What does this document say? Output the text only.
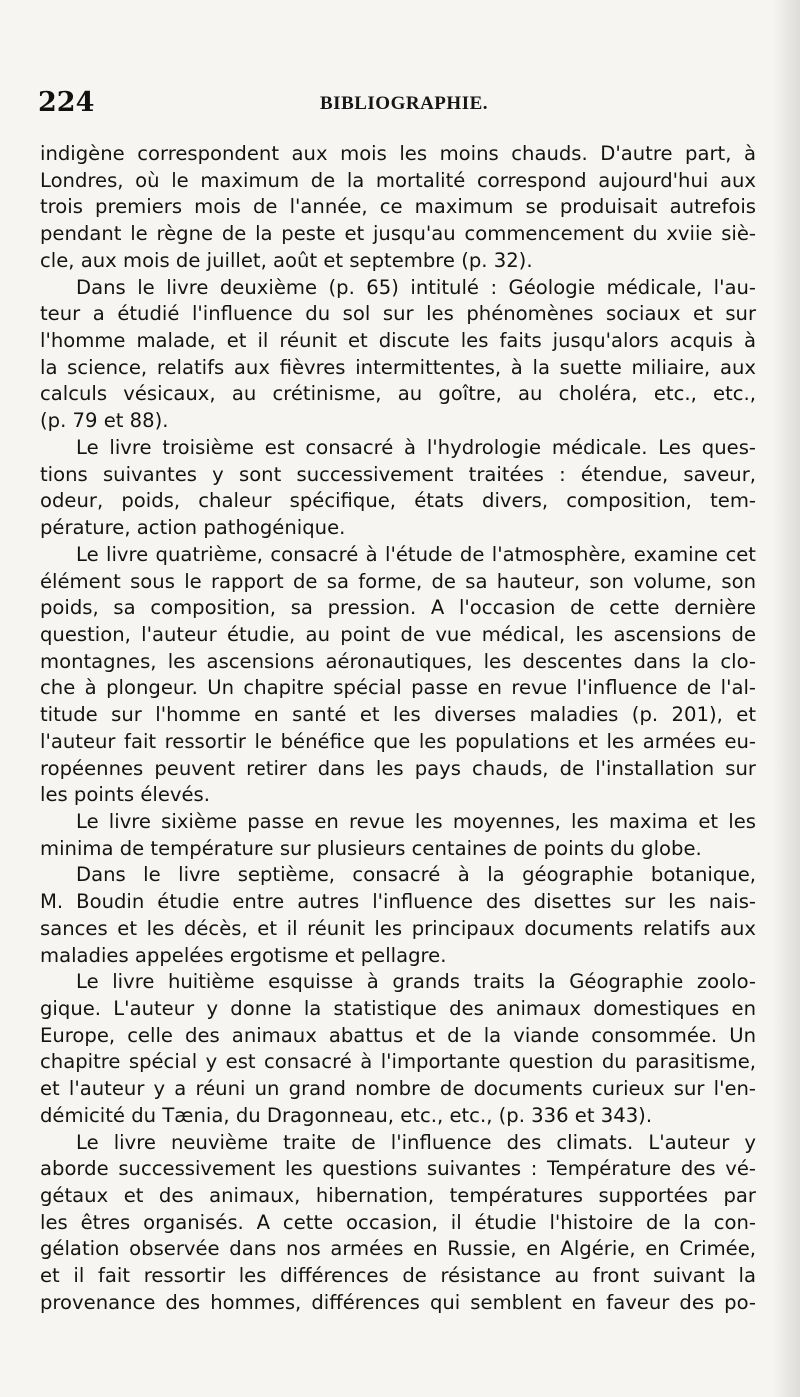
224	BIBLIOGRAPHIE.
indigène correspondent aux mois les moins chauds. D'autre part, à
Londres, où le maximum de la mortalité correspond aujourd'hui aux
trois premiers mois de l'année, ce maximum se produisait autrefois
pendant le règne de la peste et jusqu'au commencement du xviie siè-
cle, aux mois de juillet, août et septembre (p. 32).
Dans le livre deuxième (p. 65) intitulé : Géologie médicale, l'au-
teur a étudié l'influence du sol sur les phénomènes sociaux et sur
l'homme malade, et il réunit et discute les faits jusqu'alors acquis à
la science, relatifs aux fièvres intermittentes, à la suette miliaire, aux
calculs vésicaux, au crétinisme, au goître, au choléra, etc., etc.,
(p. 79 et 88).
Le livre troisième est consacré à l'hydrologie médicale. Les ques-
tions suivantes y sont successivement traitées : étendue, saveur,
odeur, poids, chaleur spécifique, états divers, composition, tem-
pérature, action pathogénique.
Le livre quatrième, consacré à l'étude de l'atmosphère, examine cet
élément sous le rapport de sa forme, de sa hauteur, son volume, son
poids, sa composition, sa pression. A l'occasion de cette dernière
question, l'auteur étudie, au point de vue médical, les ascensions de
montagnes, les ascensions aéronautiques, les descentes dans la clo-
che à plongeur. Un chapitre spécial passe en revue l'influence de l'al-
titude sur l'homme en santé et les diverses maladies (p. 201), et
l'auteur fait ressortir le bénéfice que les populations et les armées eu-
ropéennes peuvent retirer dans les pays chauds, de l'installation sur
les points élevés.
Le livre sixième passe en revue les moyennes, les maxima et les
minima de température sur plusieurs centaines de points du globe.
Dans le livre septième, consacré à la géographie botanique,
M. Boudin étudie entre autres l'influence des disettes sur les nais-
sances et les décès, et il réunit les principaux documents relatifs aux
maladies appelées ergotisme et pellagre.
Le livre huitième esquisse à grands traits la Géographie zoolo-
gique. L'auteur y donne la statistique des animaux domestiques en
Europe, celle des animaux abattus et de la viande consommée. Un
chapitre spécial y est consacré à l'importante question du parasitisme,
et l'auteur y a réuni un grand nombre de documents curieux sur l'en-
démicité du Tænia, du Dragonneau, etc., etc., (p. 336 et 343).
Le livre neuvième traite de l'influence des climats. L'auteur y
aborde successivement les questions suivantes : Température des vé-
gétaux et des animaux, hibernation, températures supportées par
les êtres organisés. A cette occasion, il étudie l'histoire de la con-
gélation observée dans nos armées en Russie, en Algérie, en Crimée,
et il fait ressortir les différences de résistance au front suivant la
provenance des hommes, différences qui semblent en faveur des po-
